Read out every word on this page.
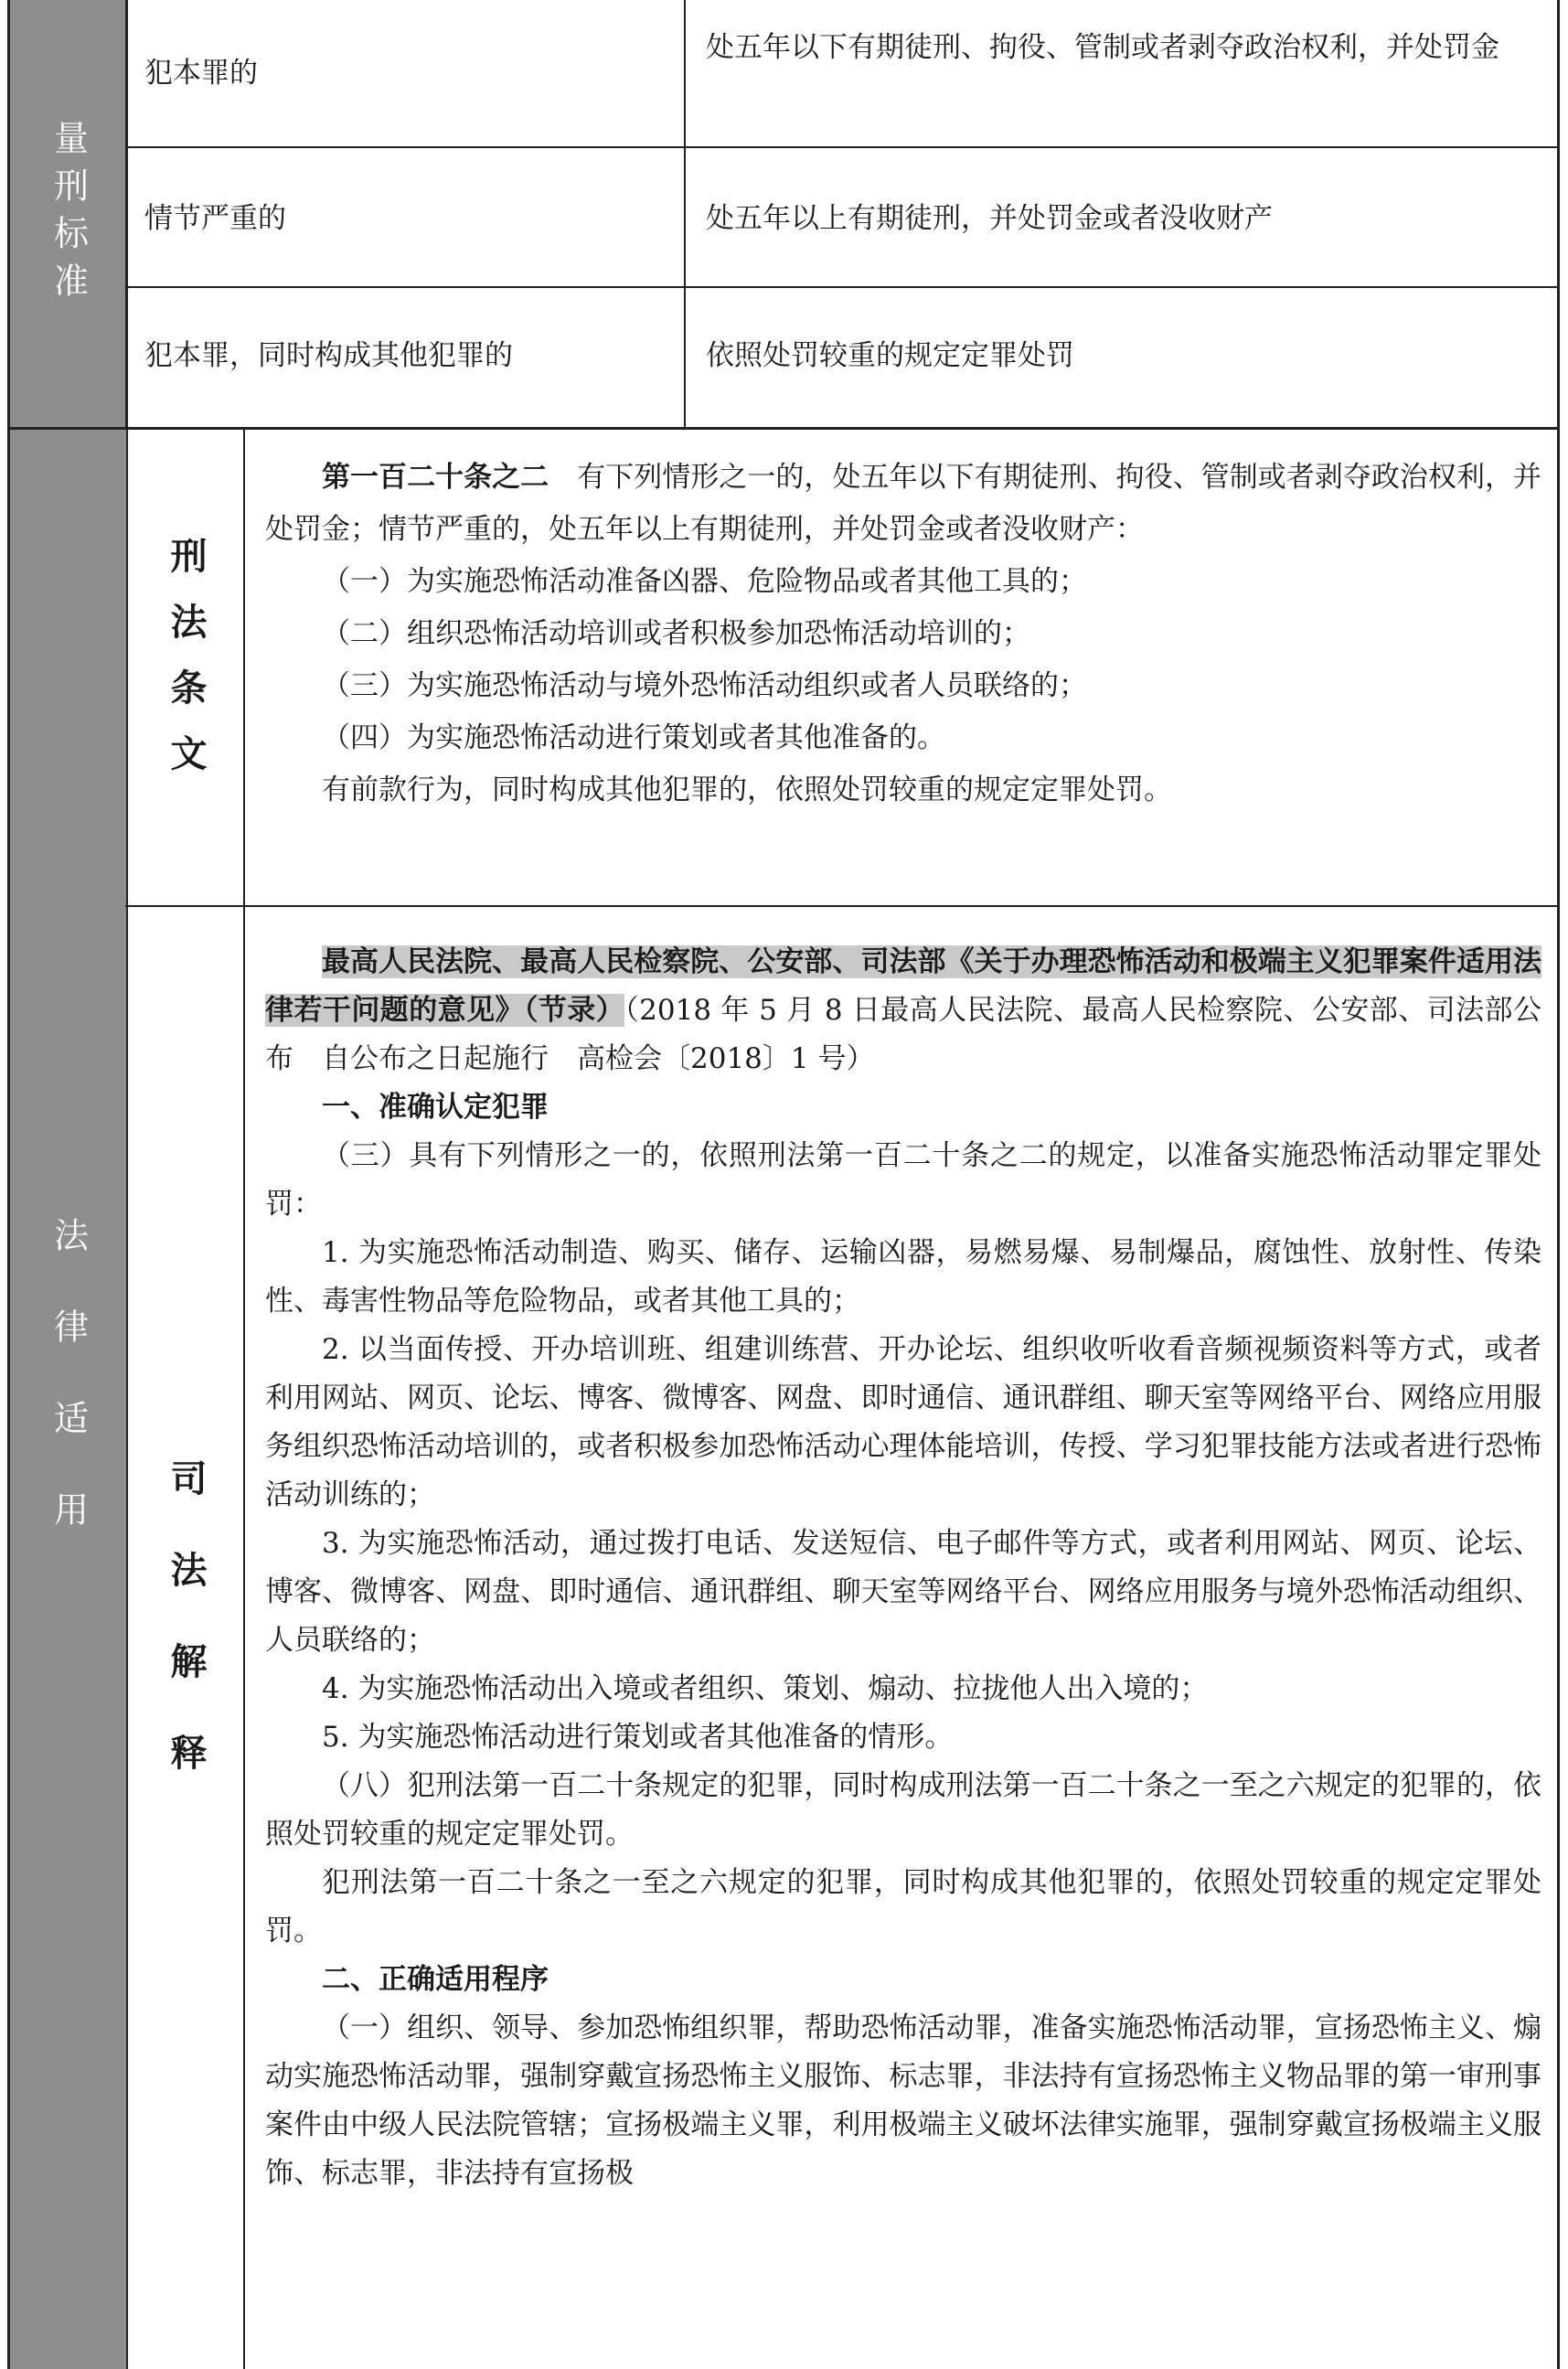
量刑标准
犯本罪的
处五年以下有期徒刑、拘役、管制或者剥夺政治权利，并处罚金
情节严重的	处五年以上有期徒刑，并处罚金或者没收财产
犯本罪，同时构成其他犯罪的	依照处罚较重的规定定罪处罚
法律适用
刑法条文

第一百二十条之二　 有下列情形之一的，处五年以下有期徒刑、拘役、管制或者剥夺政治权利，并处罚金；情节严重的，处五年以上有期徒刑，并处罚金或者没收财产：

（一）为实施恐怖活动准备凶器、危险物品或者其他工具的；

（二）组织恐怖活动培训或者积极参加恐怖活动培训的；

（三）为实施恐怖活动与境外恐怖活动组织或者人员联络的；

（四）为实施恐怖活动进行策划或者其他准备的。

有前款行为，同时构成其他犯罪的，依照处罚较重的规定定罪处罚。

司法解释

最高人民法院、最高人民检察院、公安部、司法部《关于办理恐怖活动和极端主义犯罪案件适用法律若干问题的意见》（节录）（2018 年 5 月 8 日最高人民法院、最高人民检察院、公安部、司法部公布　自公布之日起施行　高检会〔2018〕1 号）

一、准确认定犯罪

（三）具有下列情形之一的，依照刑法第一百二十条之二的规定，以准备实施恐怖活动罪定罪处罚：

1. 为实施恐怖活动制造、购买、储存、运输凶器，易燃易爆、易制爆品，腐蚀性、放射性、传染性、毒害性物品等危险物品，或者其他工具的；

2. 以当面传授、开办培训班、组建训练营、开办论坛、组织收听收看音频视频资料等方式，或者利用网站、网页、论坛、博客、微博客、网盘、即时通信、通讯群组、聊天室等网络平台、网络应用服务组织恐怖活动培训的，或者积极参加恐怖活动心理体能培训，传授、学习犯罪技能方法或者进行恐怖活动训练的；

3. 为实施恐怖活动，通过拨打电话、发送短信、电子邮件等方式，或者利用网站、网页、论坛、博客、微博客、网盘、即时通信、通讯群组、聊天室等网络平台、网络应用服务与境外恐怖活动组织、人员联络的；

4. 为实施恐怖活动出入境或者组织、策划、煽动、拉拢他人出入境的；

5. 为实施恐怖活动进行策划或者其他准备的情形。

（八）犯刑法第一百二十条规定的犯罪，同时构成刑法第一百二十条之一至之六规定的犯罪的，依照处罚较重的规定定罪处罚。

犯刑法第一百二十条之一至之六规定的犯罪，同时构成其他犯罪的，依照处罚较重的规定定罪处罚。

二、正确适用程序

（一）组织、领导、参加恐怖组织罪，帮助恐怖活动罪，准备实施恐怖活动罪，宣扬恐怖主义、煽动实施恐怖活动罪，强制穿戴宣扬恐怖主义服饰、标志罪，非法持有宣扬恐怖主义物品罪的第一审刑事案件由中级人民法院管辖；宣扬极端主义罪，利用极端主义破坏法律实施罪，强制穿戴宣扬极端主义服饰、标志罪，非法持有宣扬极
